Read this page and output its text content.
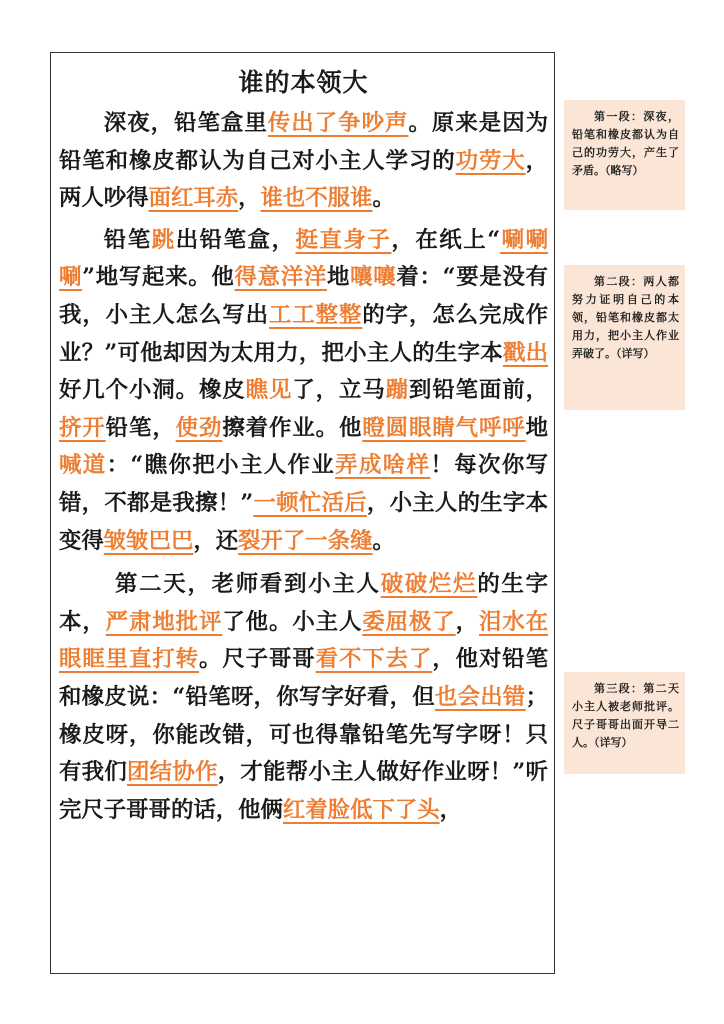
谁的本领大

深夜，铅笔盒里传出了争吵声。原来是因为铅笔和橡皮都认为自己对小主人学习的功劳大，两人吵得面红耳赤，谁也不服谁。

铅笔跳出铅笔盒，挺直身子，在纸上“唰唰唰”地写起来。他得意洋洋地嚷嚷着：“要是没有我，小主人怎么写出工工整整的字，怎么完成作业？”可他却因为太用力，把小主人的生字本戳出好几个小洞。橡皮瞧见了，立马蹦到铅笔面前，挤开铅笔，使劲擦着作业。他瞪圆眼睛气呼呼地喊道：“瞧你把小主人作业弄成啥样！每次你写错，不都是我擦！”一顿忙活后，小主人的生字本变得皱皱巴巴，还裂开了一条缝。

第二天，老师看到小主人破破烂烂的生字本，严肃地批评了他。小主人委屈极了，泪水在眼眶里直打转。尺子哥哥看不下去了，他对铅笔和橡皮说：“铅笔呀，你写字好看，但也会出错；橡皮呀，你能改错，可也得靠铅笔先写字呀！只有我们团结协作，才能帮小主人做好作业呀！”听完尺子哥哥的话，他俩红着脸低下了头，

第一段：深夜，铅笔和橡皮都认为自己的功劳大，产生了矛盾。（略写）
第二段：两人都努力证明自己的本领，铅笔和橡皮都太用力，把小主人作业弄破了。（详写）
第三段：第二天小主人被老师批评。尺子哥哥出面开导二人。（详写）
